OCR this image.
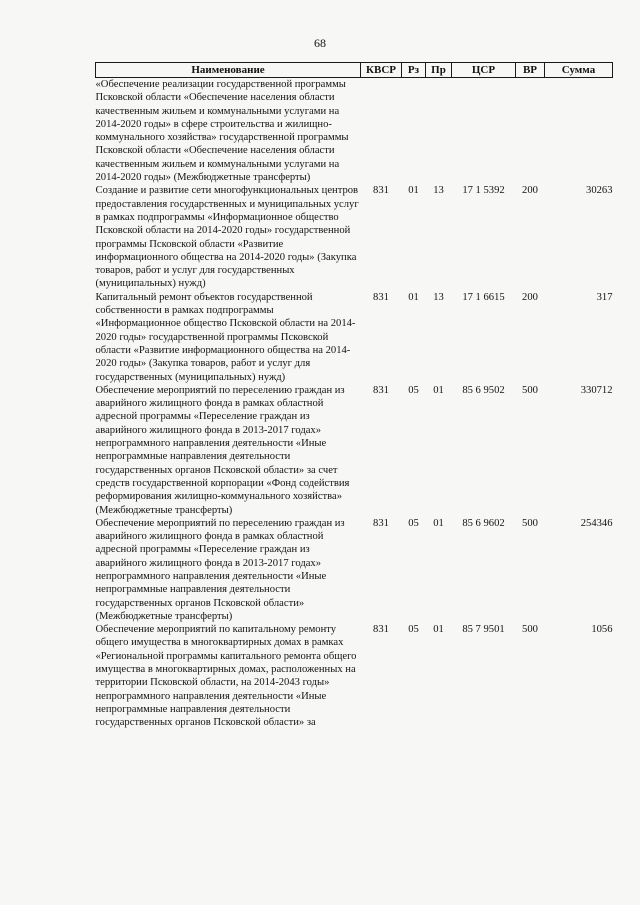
68
Наименование	КВСР	Рз	Пр	ЦСР	ВР	Сумма
«Обеспечение реализации государственной программы Псковской области «Обеспечение населения области качественным жильем и коммунальными услугами на 2014-2020 годы» в сфере строительства и жилищно-коммунального хозяйства» государственной программы Псковской области «Обеспечение населения области качественным жильем и коммунальными услугами на 2014-2020 годы» (Межбюджетные трансферты)						
Создание и развитие сети многофункциональных центров предоставления государственных и муниципальных услуг в рамках подпрограммы «Информационное общество Псковской области на 2014-2020 годы» государственной программы Псковской области «Развитие информационного общества на 2014-2020 годы» (Закупка товаров, работ и услуг для государственных (муниципальных) нужд)	831	01	13	17 1 5392	200	30263
Капитальный ремонт объектов государственной собственности в рамках подпрограммы «Информационное общество Псковской области на 2014-2020 годы» государственной программы Псковской области «Развитие информационного общества на 2014-2020 годы» (Закупка товаров, работ и услуг для государственных (муниципальных) нужд)	831	01	13	17 1 6615	200	317
Обеспечение мероприятий по переселению граждан из аварийного жилищного фонда в рамках областной адресной программы «Переселение граждан из аварийного жилищного фонда в 2013-2017 годах» непрограммного направления деятельности «Иные непрограммные направления деятельности государственных органов Псковской области» за счет средств государственной корпорации «Фонд содействия реформирования жилищно-коммунального хозяйства» (Межбюджетные трансферты)	831	05	01	85 6 9502	500	330712
Обеспечение мероприятий по переселению граждан из аварийного жилищного фонда в рамках областной адресной программы «Переселение граждан из аварийного жилищного фонда в 2013-2017 годах» непрограммного направления деятельности «Иные непрограммные направления деятельности государственных органов Псковской области» (Межбюджетные трансферты)	831	05	01	85 6 9602	500	254346
Обеспечение мероприятий по капитальному ремонту общего имущества в многоквартирных домах в рамках «Региональной программы капитального ремонта общего имущества в многоквартирных домах, расположенных на территории Псковской области, на 2014-2043 годы» непрограммного направления деятельности «Иные непрограммные направления деятельности государственных органов Псковской области» за	831	05	01	85 7 9501	500	1056
